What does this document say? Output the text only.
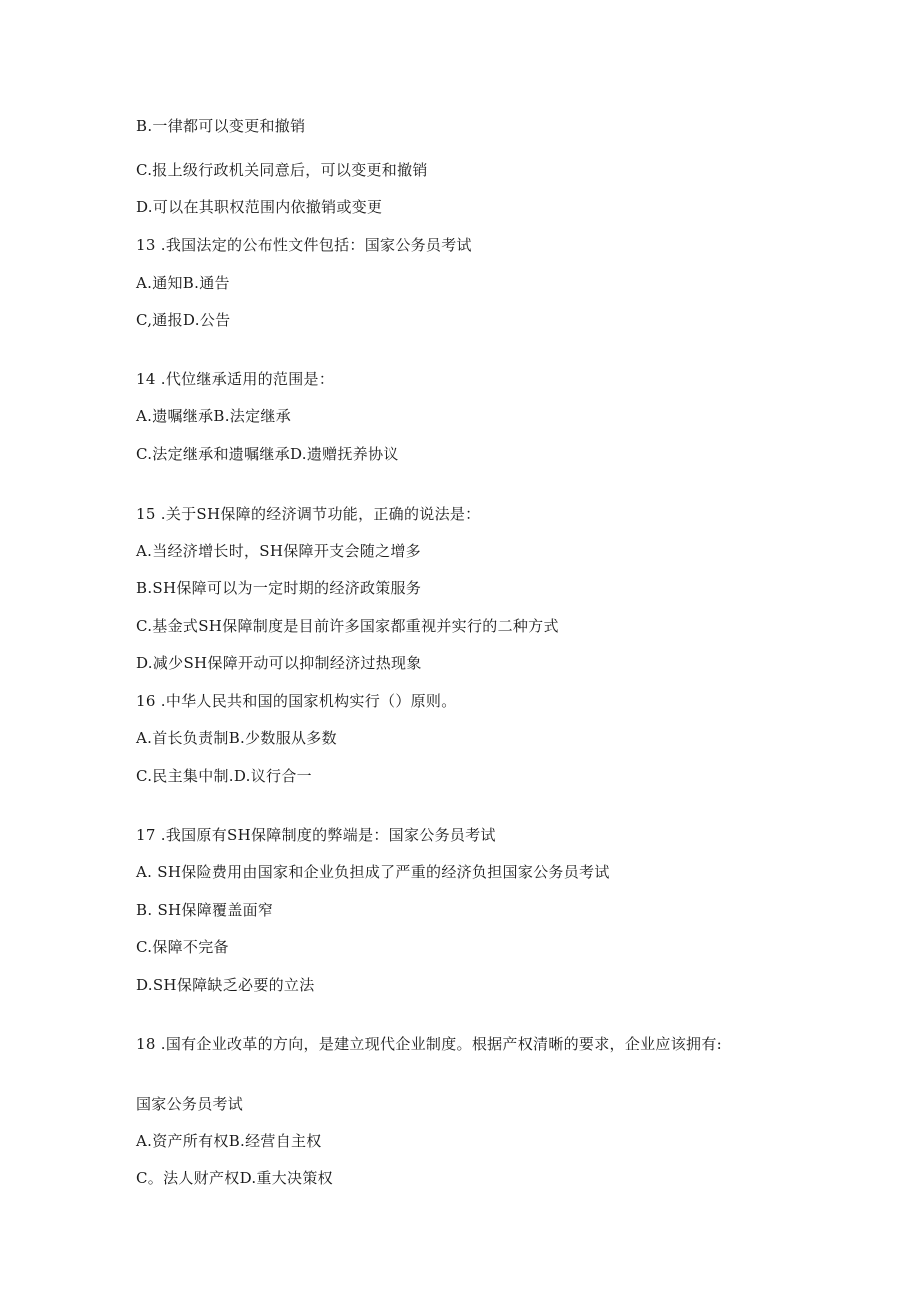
B.一律都可以变更和撤销
C.报上级行政机关同意后，可以变更和撤销
D.可以在其职权范围内依撤销或变更
13 .我国法定的公布性文件包括：国家公务员考试
A.通知B.通告
C,通报D.公告
14 .代位继承适用的范围是：
A.遗嘱继承B.法定继承
C.法定继承和遗嘱继承D.遗赠抚养协议
15 .关于SH保障的经济调节功能，正确的说法是：
A.当经济增长时，SH保障开支会随之增多
B.SH保障可以为一定时期的经济政策服务
C.基金式SH保障制度是目前许多国家都重视并实行的二种方式
D.减少SH保障开动可以抑制经济过热现象
16 .中华人民共和国的国家机构实行（）原则。
A.首长负责制B.少数服从多数
C.民主集中制.D.议行合一
17 .我国原有SH保障制度的弊端是：国家公务员考试
A. SH保险费用由国家和企业负担成了严重的经济负担国家公务员考试
B. SH保障覆盖面窄
C.保障不完备
D.SH保障缺乏必要的立法
18 .国有企业改革的方向，是建立现代企业制度。根据产权清晰的要求，企业应该拥有:
国家公务员考试
A.资产所有权B.经营自主权
C。法人财产权D.重大决策权
